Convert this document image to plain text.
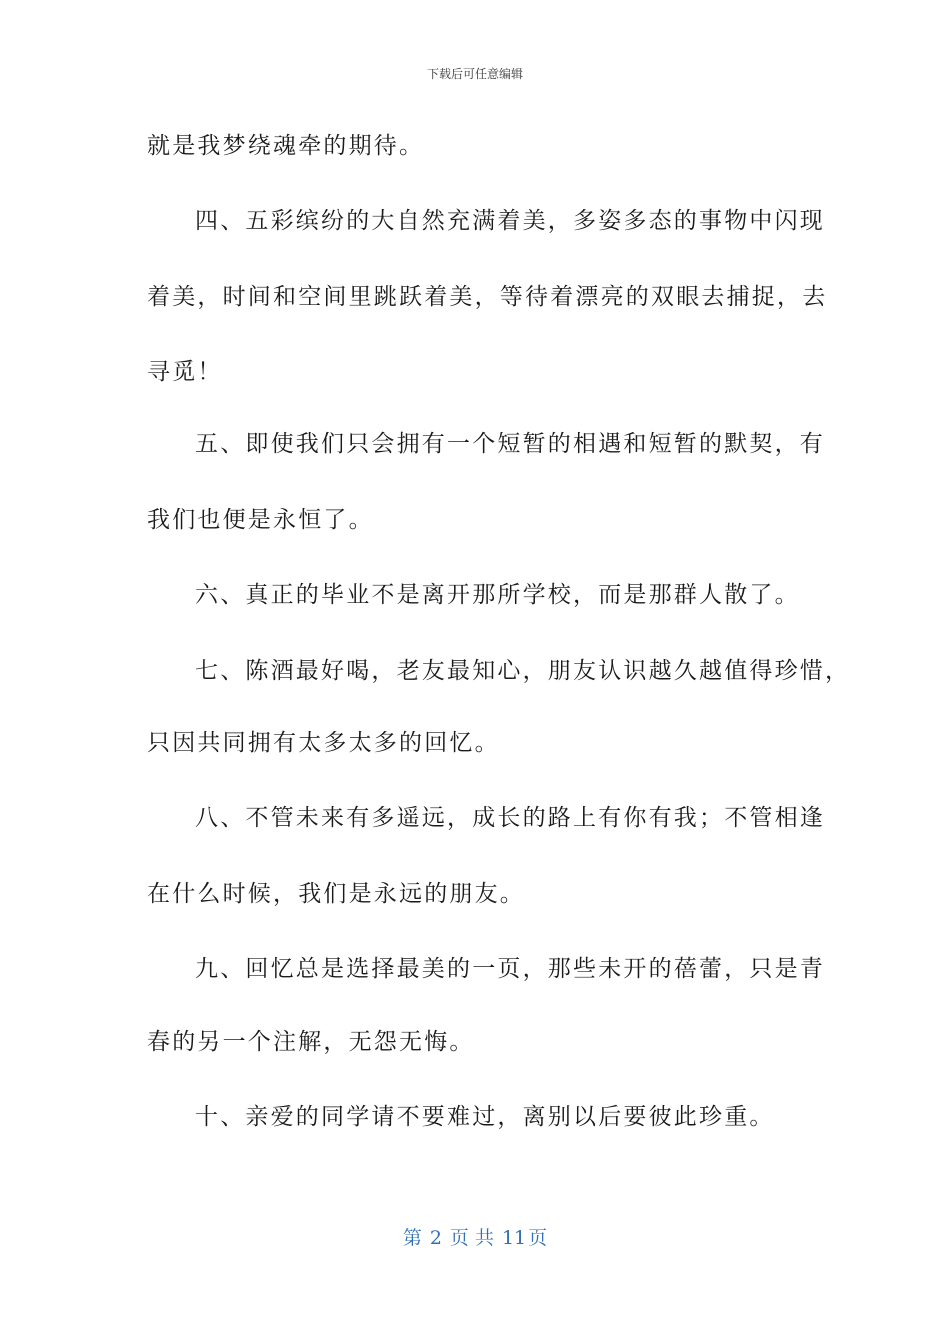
下载后可任意编辑
就是我梦绕魂牵的期待。
四、五彩缤纷的大自然充满着美，多姿多态的事物中闪现
着美，时间和空间里跳跃着美，等待着漂亮的双眼去捕捉，去
寻觅！
五、即使我们只会拥有一个短暂的相遇和短暂的默契，有
我们也便是永恒了。
六、真正的毕业不是离开那所学校，而是那群人散了。
七、陈酒最好喝，老友最知心，朋友认识越久越值得珍惜，
只因共同拥有太多太多的回忆。
八、不管未来有多遥远，成长的路上有你有我；不管相逢
在什么时候，我们是永远的朋友。
九、回忆总是选择最美的一页，那些未开的蓓蕾，只是青
春的另一个注解，无怨无悔。
十、亲爱的同学请不要难过，离别以后要彼此珍重。
第 2 页 共 11 页
